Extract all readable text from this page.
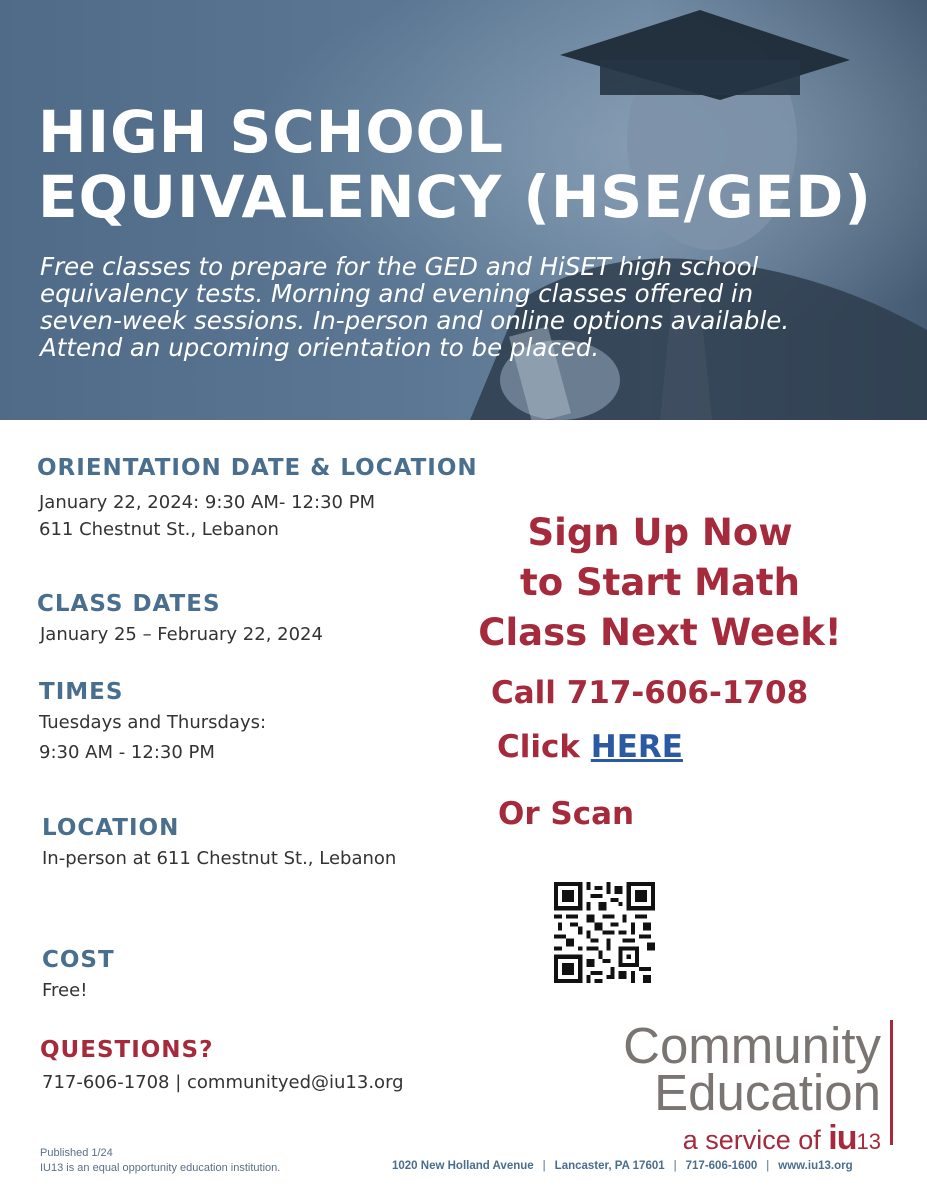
HIGH SCHOOL
EQUIVALENCY (HSE/GED)

Free classes to prepare for the GED and HiSET high school
equivalency tests. Morning and evening classes offered in
seven-week sessions. In-person and online options available.
Attend an upcoming orientation to be placed.

ORIENTATION DATE & LOCATION

January 22, 2024: 9:30 AM- 12:30 PM

611 Chestnut St., Lebanon

CLASS DATES

January 25 – February 22, 2024

TIMES

Tuesdays and Thursdays:

9:30 AM - 12:30 PM

LOCATION

In-person at 611 Chestnut St., Lebanon

COST

Free!

QUESTIONS?

717-606-1708 | communityed@iu13.org

Sign Up Now
to Start Math
Class Next Week!

Call 717-606-1708
Click HERE
Or Scan
Community
Education
a service of iu13
Published 1/24
IU13 is an equal opportunity education institution.	1020 New Holland Avenue | Lancaster, PA 17601 | 717-606-1600 | www.iu13.org
